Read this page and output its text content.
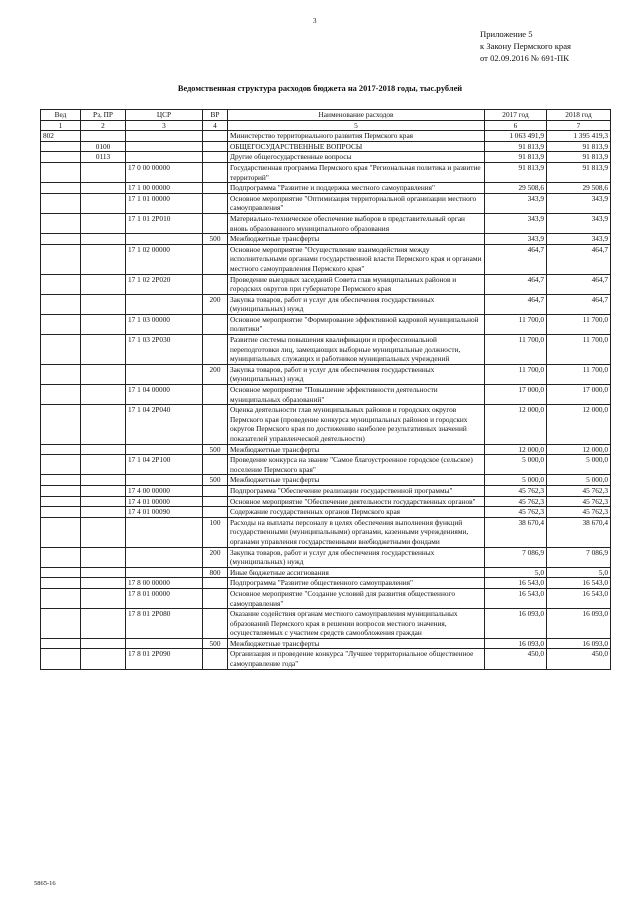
3
Приложение 5
к Закону Пермского края
от 02.09.2016 № 691-ПК
Ведомственная структура расходов бюджета на 2017-2018 годы, тыс.рублей
Вед	Рз, ПР	ЦСР	ВР	Наименование расходов	2017 год	2018 год
1	2	3	4	5	6	7
802				Министерство территориального развития Пермского края	1 063 491,9	1 395 419,3
	0100			ОБЩЕГОСУДАРСТВЕННЫЕ ВОПРОСЫ	91 813,9	91 813,9
	0113			Другие общегосударственные вопросы	91 813,9	91 813,9
		17 0 00 00000		Государственная программа Пермского края "Региональная политика и развитие территорий"	91 813,9	91 813,9
		17 1 00 00000		Подпрограмма "Развитие и поддержка местного самоуправления"	29 508,6	29 508,6
		17 1 01 00000		Основное мероприятие "Оптимизация территориальной организации местного самоуправления"	343,9	343,9
		17 1 01 2Р010		Материально-техническое обеспечение выборов в представительный орган вновь образованного муниципального образования	343,9	343,9
			500	Межбюджетные трансферты	343,9	343,9
		17 1 02 00000		Основное мероприятие "Осуществление взаимодействия между исполнительными органами государственной власти Пермского края и органами местного самоуправления Пермского края"	464,7	464,7
		17 1 02 2Р020		Проведение выездных заседаний Совета глав муниципальных районов и городских округов при губернаторе Пермского края	464,7	464,7
			200	Закупка товаров, работ и услуг для обеспечения государственных (муниципальных) нужд	464,7	464,7
		17 1 03 00000		Основное мероприятие "Формирование эффективной кадровой муниципальной политики"	11 700,0	11 700,0
		17 1 03 2Р030		Развитие системы повышения квалификации и профессиональной переподготовки лиц, замещающих выборные муниципальные должности, муниципальных служащих и работников муниципальных учреждений	11 700,0	11 700,0
			200	Закупка товаров, работ и услуг для обеспечения государственных (муниципальных) нужд	11 700,0	11 700,0
		17 1 04 00000		Основное мероприятие "Повышение эффективности деятельности муниципальных образований"	17 000,0	17 000,0
		17 1 04 2Р040		Оценка деятельности глав муниципальных районов и городских округов Пермского края (проведение конкурса муниципальных районов и городских округов Пермского края по достижению наиболее результативных значений показателей управленческой деятельности)	12 000,0	12 000,0
			500	Межбюджетные трансферты	12 000,0	12 000,0
		17 1 04 2Р100		Проведение конкурса на звание "Самое благоустроенное городское (сельское) поселение Пермского края"	5 000,0	5 000,0
			500	Межбюджетные трансферты	5 000,0	5 000,0
		17 4 00 00000		Подпрограмма "Обеспечение реализации государственной программы"	45 762,3	45 762,3
		17 4 01 00000		Основное мероприятие "Обеспечение деятельности государственных органов"	45 762,3	45 762,3
		17 4 01 00090		Содержание государственных органов Пермского края	45 762,3	45 762,3
			100	Расходы на выплаты персоналу в целях обеспечения выполнения функций государственными (муниципальными) органами, казенными учреждениями, органами управления государственными внебюджетными фондами	38 670,4	38 670,4
			200	Закупка товаров, работ и услуг для обеспечения государственных (муниципальных) нужд	7 086,9	7 086,9
			800	Иные бюджетные ассигнования	5,0	5,0
		17 8 00 00000		Подпрограмма "Развитие общественного самоуправления"	16 543,0	16 543,0
		17 8 01 00000		Основное мероприятие "Создание условий для развития общественного самоуправления"	16 543,0	16 543,0
		17 8 01 2Р080		Оказание содействия органам местного самоуправления муниципальных образований Пермского края в решении вопросов местного значения, осуществляемых с участием средств самообложения граждан	16 093,0	16 093,0
			500	Межбюджетные трансферты	16 093,0	16 093,0
		17 8 01 2Р090		Организация и проведение конкурса "Лучшее территориальное общественное самоуправление года"	450,0	450,0
5865-16
